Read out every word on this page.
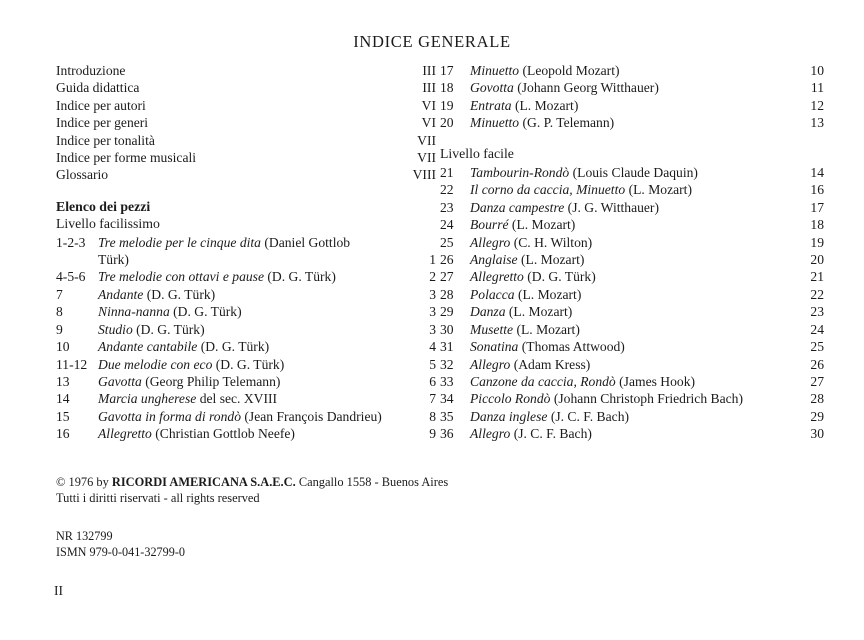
INDICE GENERALE
Introduzione	III
Guida didattica	III
Indice per autori	VI
Indice per generi	VI
Indice per tonalità	VII
Indice per forme musicali	VII
Glossario	VIII
Elenco dei pezzi
Livello facilissimo
1-2-3 Tre melodie per le cinque dita (Daniel Gottlob
Türk)	1
4-5-6 Tre melodie con ottavi e pause (D. G. Türk)	2
7	Andante (D. G. Türk)	3
8	Ninna-nanna (D. G. Türk)	3
9	Studio (D. G. Türk)	3
10	Andante cantabile (D. G. Türk)	4
11-12 Due melodie con eco (D. G. Türk)	5
13	Gavotta (Georg Philip Telemann)	6
14	Marcia ungherese del sec. XVIII	7
15	Gavotta in forma di rondò (Jean François Dandrieu)	8
16	Allegretto (Christian Gottlob Neefe)	9
17	Minuetto (Leopold Mozart)	10
18	Govotta (Johann Georg Witthauer)	11
19	Entrata (L. Mozart)	12
20	Minuetto (G. P. Telemann)	13
Livello facile
21	Tambourin-Rondò (Louis Claude Daquin)	14
22	Il corno da caccia, Minuetto (L. Mozart)	16
23	Danza campestre (J. G. Witthauer)	17
24	Bourré (L. Mozart)	18
25	Allegro (C. H. Wilton)	19
26	Anglaise (L. Mozart)	20
27	Allegretto (D. G. Türk)	21
28	Polacca (L. Mozart)	22
29	Danza (L. Mozart)	23
30	Musette (L. Mozart)	24
31	Sonatina (Thomas Attwood)	25
32	Allegro (Adam Kress)	26
33	Canzone da caccia, Rondò (James Hook)	27
34	Piccolo Rondò (Johann Christoph Friedrich Bach)	28
35	Danza inglese (J. C. F. Bach)	29
36	Allegro (J. C. F. Bach)	30
© 1976 by RICORDI AMERICANA S.A.E.C. Cangallo 1558 - Buenos Aires
Tutti i diritti riservati - all rights reserved
NR 132799
ISMN 979-0-041-32799-0
II
